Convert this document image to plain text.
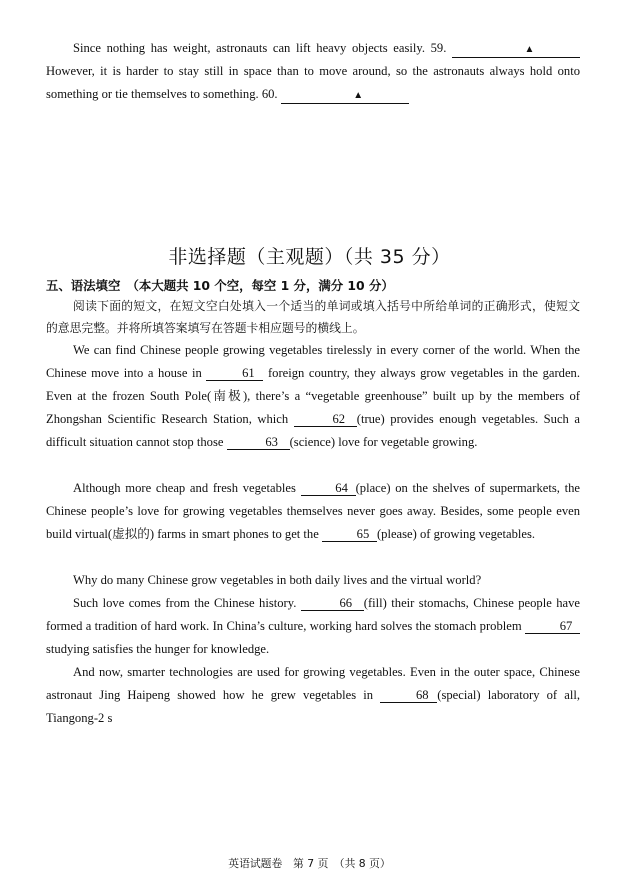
Since nothing has weight, astronauts can lift heavy objects easily. 59.	▲ However, it is harder to stay still in space than to move around, so the astronauts always hold onto something or tie themselves to something. 60.	▲

非选择题（主观题）（共 35 分）
五、语法填空　（本大题共 10 个空，每空 1 分，满分 10 分）

阅读下面的短文，在短文空白处填入一个适当的单词或填入括号中所给单词的正确形式，使短文的意思完整。并将所填答案填写在答题卡相应题号的横线上。

We can find Chinese people growing vegetables tirelessly in every corner of the world. When the Chinese move into a house in	61 foreign country, they always grow vegetables in the garden. Even at the frozen South Pole(南极), there’s a “vegetable greenhouse” built up by the members of Zhongshan Scientific Research Station, which	62 (true) provides enough vegetables. Such a difficult situation cannot stop those	63 (science) love for vegetable growing.

Although more cheap and fresh vegetables	64 (place) on the shelves of supermarkets, the Chinese people’s love for growing vegetables themselves never goes away. Besides, some people even build virtual(虚拟的) farms in smart phones to get the	65 (please) of growing vegetables.

Why do many Chinese grow vegetables in both daily lives and the virtual world?

Such love comes from the Chinese history.	66 (fill) their stomachs, Chinese people have formed a tradition of hard work. In China’s culture, working hard solves the stomach problem	67 studying satisfies the hunger for knowledge.

And now, smarter technologies are used for growing vegetables. Even in the outer space, Chinese astronaut Jing Haipeng showed how he grew vegetables in	68 (special) laboratory of all, Tiangong-2 s

英语试题卷　第 7 页　（共 8 页）
